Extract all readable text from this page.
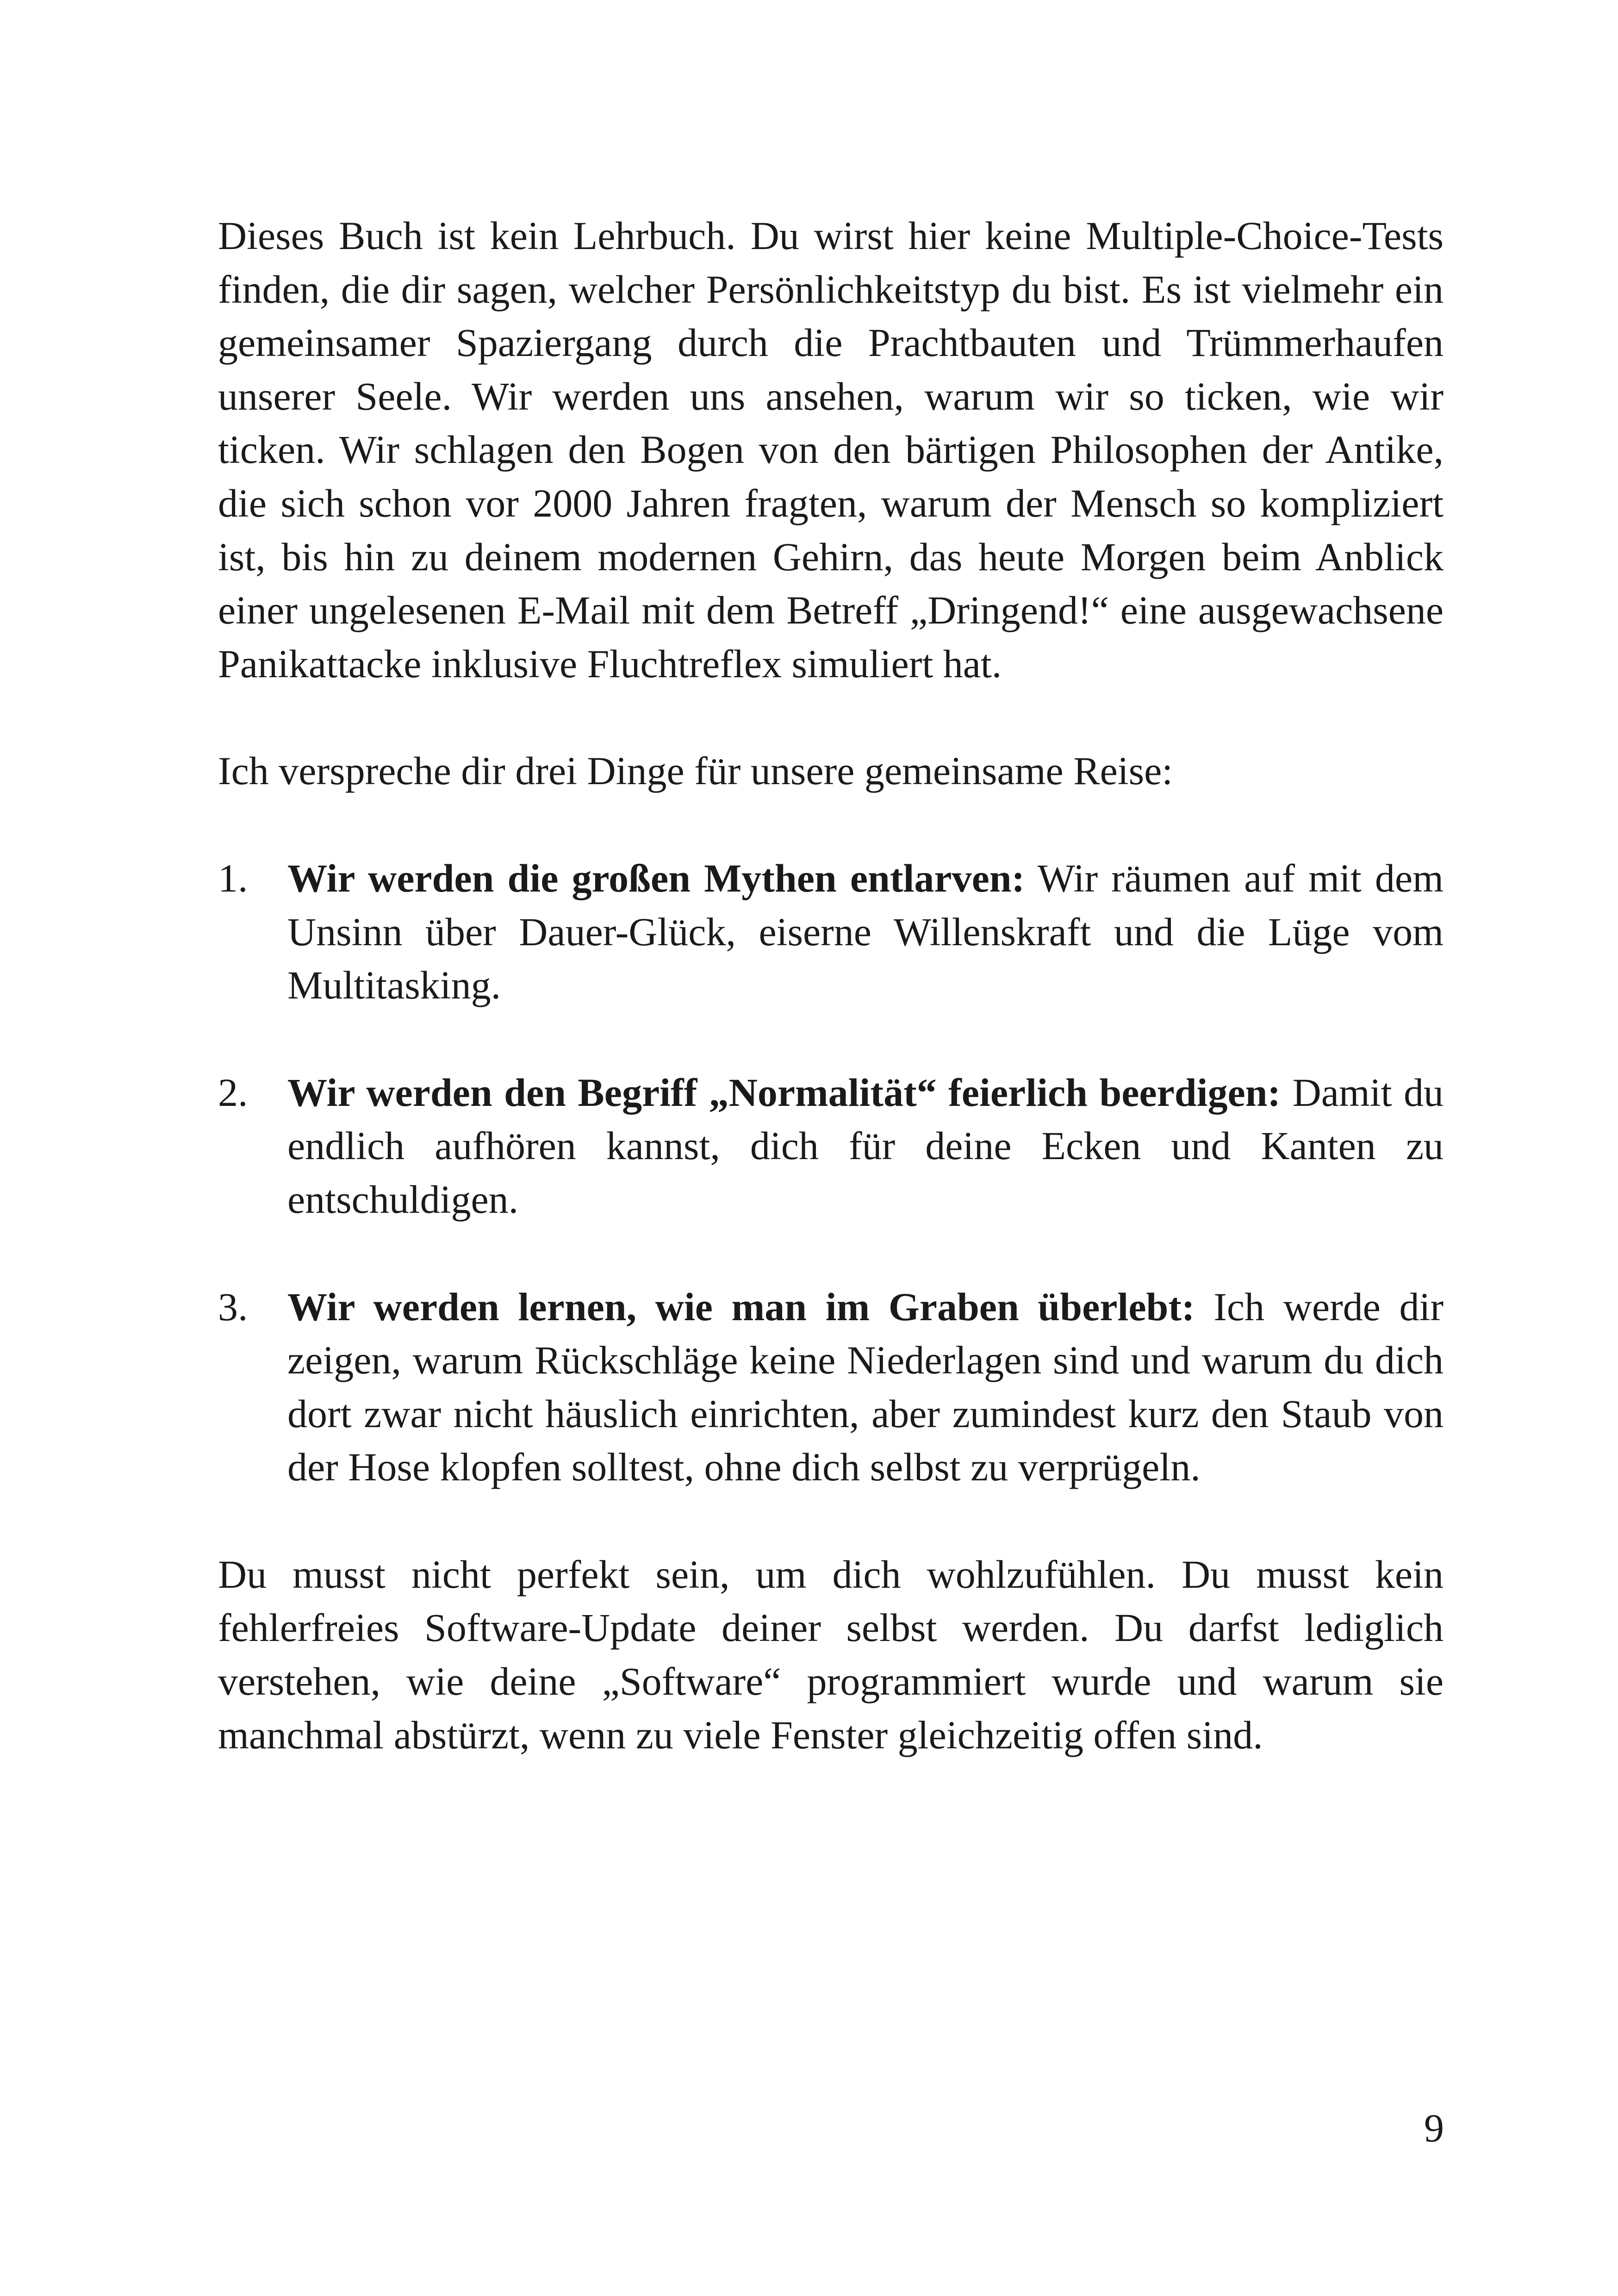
Dieses Buch ist kein Lehrbuch. Du wirst hier keine Multiple-Choice-Tests finden, die dir sagen, welcher Persönlichkeitstyp du bist. Es ist vielmehr ein gemeinsamer Spaziergang durch die Prachtbauten und Trümmerhaufen unserer Seele. Wir werden uns ansehen, warum wir so ticken, wie wir ticken. Wir schlagen den Bogen von den bärtigen Philosophen der Antike, die sich schon vor 2000 Jahren fragten, warum der Mensch so kompliziert ist, bis hin zu deinem modernen Gehirn, das heute Morgen beim Anblick einer ungelesenen E-Mail mit dem Betreff „Dringend!“ eine ausgewachsene Panikattacke inklusive Fluchtreflex simuliert hat.

Ich verspreche dir drei Dinge für unsere gemeinsame Reise:

1. Wir werden die großen Mythen entlarven: Wir räumen auf mit dem Unsinn über Dauer-Glück, eiserne Willenskraft und die Lüge vom Multitasking.

2. Wir werden den Begriff „Normalität“ feierlich beerdigen: Damit du endlich aufhören kannst, dich für deine Ecken und Kanten zu entschuldigen.

3. Wir werden lernen, wie man im Graben überlebt: Ich werde dir zeigen, warum Rückschläge keine Niederlagen sind und warum du dich dort zwar nicht häuslich einrichten, aber zumindest kurz den Staub von der Hose klopfen solltest, ohne dich selbst zu verprügeln.

Du musst nicht perfekt sein, um dich wohlzufühlen. Du musst kein fehlerfreies Software-Update deiner selbst werden. Du darfst lediglich verstehen, wie deine „Software“ programmiert wurde und warum sie manchmal abstürzt, wenn zu viele Fenster gleichzeitig offen sind.

9
